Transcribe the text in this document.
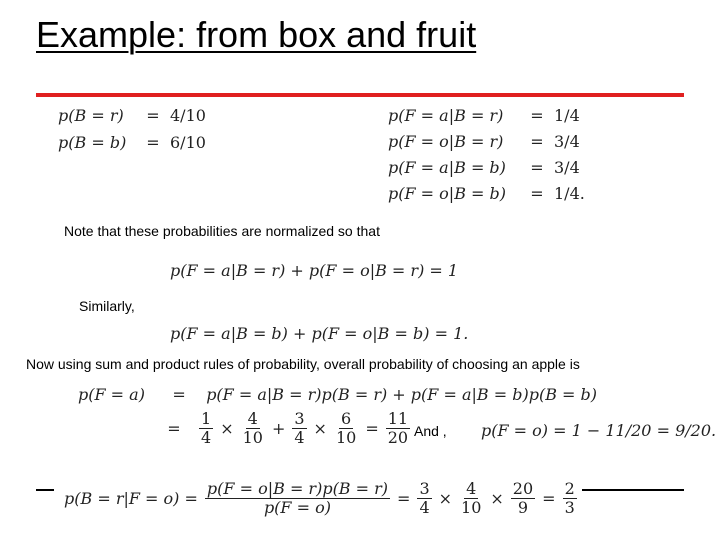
Example: from box and fruit
p(B = r)	= 4/10
p(B = b)	= 6/10
p(F = a|B = r)	= 1/4
p(F = o|B = r)	= 3/4
p(F = a|B = b)	= 3/4
p(F = o|B = b)	= 1/4.
Note that these probabilities are normalized so that
p(F = a|B = r) + p(F = o|B = r) = 1
Similarly,
p(F = a|B = b) + p(F = o|B = b) = 1.
Now using sum and product rules of probability, overall probability of choosing an apple is
p(F = a) = p(F = a|B = r)p(B = r) + p(F = a|B = b)p(B = b)
=	$\frac{1}{4} \times \frac{4}{10} + \frac{3}{4} \times \frac{6}{10} = \frac{11}{20}$ And , p(F = o) = 1 − 11/20 = 9/20.
$p(B = r|F = o) = \frac{p(F = o|B = r)p(B = r)}{p(F = o)} = \frac{3}{4} \times \frac{4}{10} \times \frac{20}{9} = \frac{2}{3}$
